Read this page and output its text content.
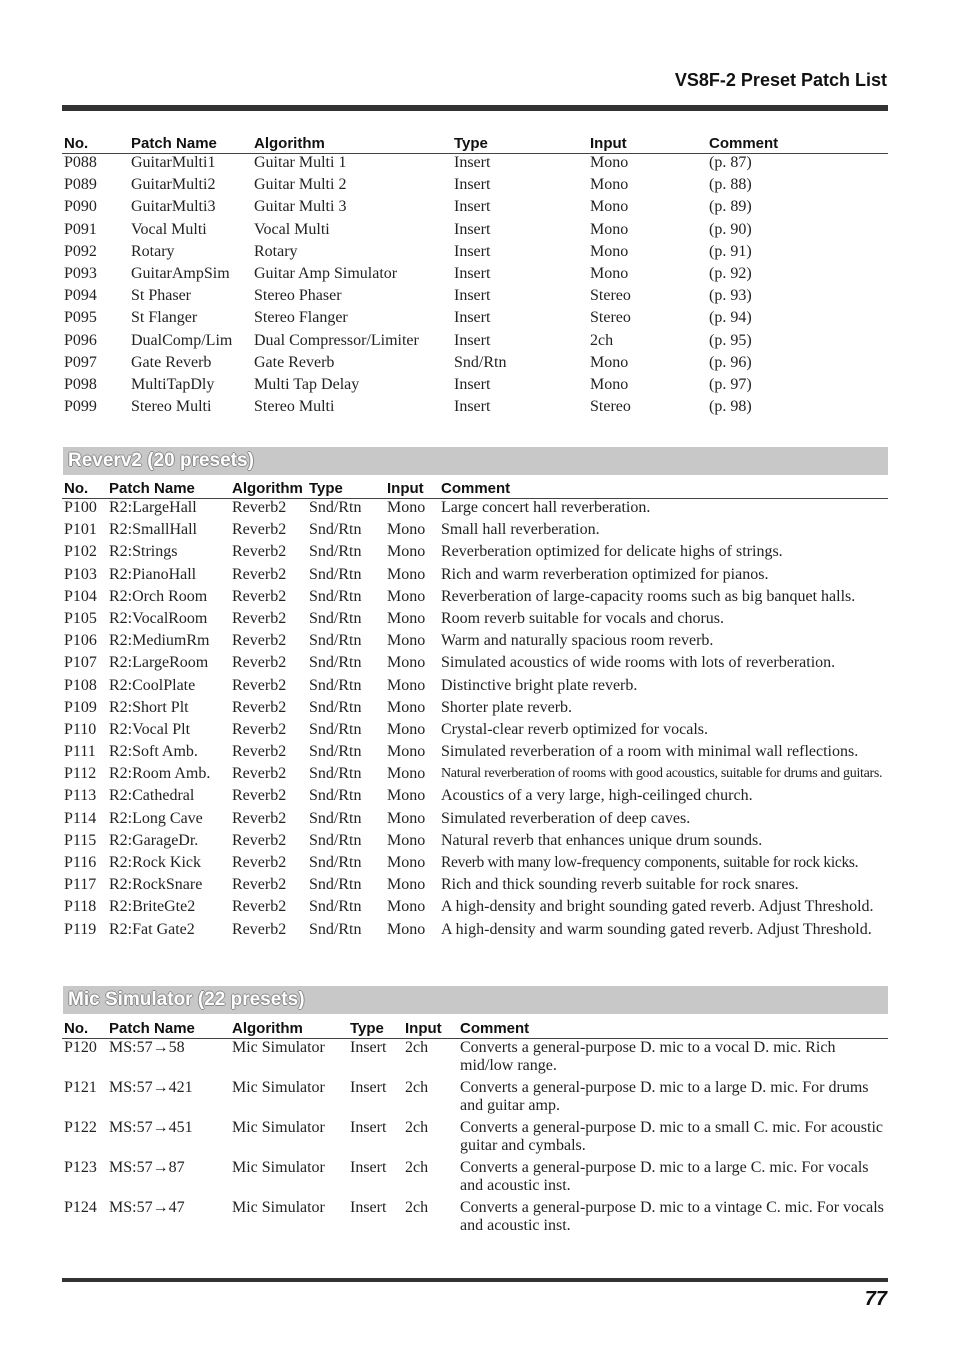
VS8F-2 Preset Patch List
No.	Patch Name	Algorithm	Type	Input	Comment
P088	GuitarMulti1	Guitar Multi 1	Insert	Mono	(p. 87)
P089	GuitarMulti2	Guitar Multi 2	Insert	Mono	(p. 88)
P090	GuitarMulti3	Guitar Multi 3	Insert	Mono	(p. 89)
P091	Vocal Multi	Vocal Multi	Insert	Mono	(p. 90)
P092	Rotary	Rotary	Insert	Mono	(p. 91)
P093	GuitarAmpSim	Guitar Amp Simulator	Insert	Mono	(p. 92)
P094	St Phaser	Stereo Phaser	Insert	Stereo	(p. 93)
P095	St Flanger	Stereo Flanger	Insert	Stereo	(p. 94)
P096	DualComp/Lim	Dual Compressor/Limiter	Insert	2ch	(p. 95)
P097	Gate Reverb	Gate Reverb	Snd/Rtn	Mono	(p. 96)
P098	MultiTapDly	Multi Tap Delay	Insert	Mono	(p. 97)
P099	Stereo Multi	Stereo Multi	Insert	Stereo	(p. 98)
Reverv2 (20 presets)
No.	Patch Name	Algorithm	Type	Input	Comment
P100	R2:LargeHall	Reverb2	Snd/Rtn	Mono	Large concert hall reverberation.
P101	R2:SmallHall	Reverb2	Snd/Rtn	Mono	Small hall reverberation.
P102	R2:Strings	Reverb2	Snd/Rtn	Mono	Reverberation optimized for delicate highs of strings.
P103	R2:PianoHall	Reverb2	Snd/Rtn	Mono	Rich and warm reverberation optimized for pianos.
P104	R2:Orch Room	Reverb2	Snd/Rtn	Mono	Reverberation of large-capacity rooms such as big banquet halls.
P105	R2:VocalRoom	Reverb2	Snd/Rtn	Mono	Room reverb suitable for vocals and chorus.
P106	R2:MediumRm	Reverb2	Snd/Rtn	Mono	Warm and naturally spacious room reverb.
P107	R2:LargeRoom	Reverb2	Snd/Rtn	Mono	Simulated acoustics of wide rooms with lots of reverberation.
P108	R2:CoolPlate	Reverb2	Snd/Rtn	Mono	Distinctive bright plate reverb.
P109	R2:Short Plt	Reverb2	Snd/Rtn	Mono	Shorter plate reverb.
P110	R2:Vocal Plt	Reverb2	Snd/Rtn	Mono	Crystal-clear reverb optimized for vocals.
P111	R2:Soft Amb.	Reverb2	Snd/Rtn	Mono	Simulated reverberation of a room with minimal wall reflections.
P112	R2:Room Amb.	Reverb2	Snd/Rtn	Mono	Natural reverberation of rooms with good acoustics, suitable for drums and guitars.
P113	R2:Cathedral	Reverb2	Snd/Rtn	Mono	Acoustics of a very large, high-ceilinged church.
P114	R2:Long Cave	Reverb2	Snd/Rtn	Mono	Simulated reverberation of deep caves.
P115	R2:GarageDr.	Reverb2	Snd/Rtn	Mono	Natural reverb that enhances unique drum sounds.
P116	R2:Rock Kick	Reverb2	Snd/Rtn	Mono	Reverb with many low-frequency components, suitable for rock kicks.
P117	R2:RockSnare	Reverb2	Snd/Rtn	Mono	Rich and thick sounding reverb suitable for rock snares.
P118	R2:BriteGte2	Reverb2	Snd/Rtn	Mono	A high-density and bright sounding gated reverb. Adjust Threshold.
P119	R2:Fat Gate2	Reverb2	Snd/Rtn	Mono	A high-density and warm sounding gated reverb. Adjust Threshold.
Mic Simulator (22 presets)
No.	Patch Name	Algorithm	Type	Input	Comment
P120	MS:57→58	Mic Simulator	Insert	2ch	Converts a general-purpose D. mic to a vocal D. mic. Rich mid/low range.
P121	MS:57→421	Mic Simulator	Insert	2ch	Converts a general-purpose D. mic to a large D. mic. For drums and guitar amp.
P122	MS:57→451	Mic Simulator	Insert	2ch	Converts a general-purpose D. mic to a small C. mic. For acoustic guitar and cymbals.
P123	MS:57→87	Mic Simulator	Insert	2ch	Converts a general-purpose D. mic to a large C. mic. For vocals and acoustic inst.
P124	MS:57→47	Mic Simulator	Insert	2ch	Converts a general-purpose D. mic to a vintage C. mic. For vocals and acoustic inst.
77
